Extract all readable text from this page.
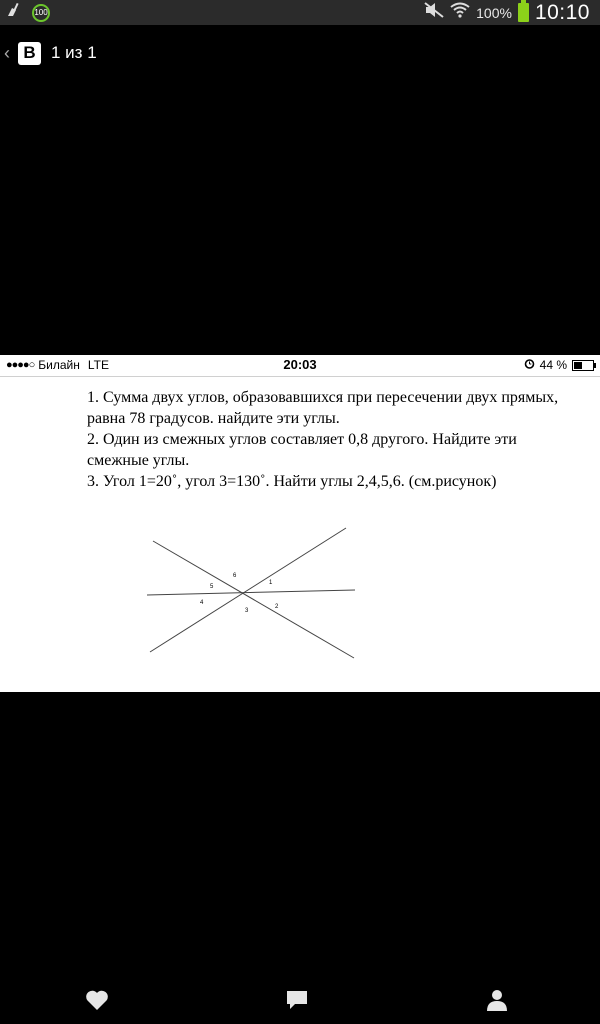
100	100% 10:10
‹ B 1 из 1
●●●●○ Билайн LTE	20:03	44 %

1. Сумма двух углов, образовавшихся при пересечении двух прямых, равна 78 градусов. найдите эти углы.

2. Один из смежных углов составляет 0,8 другого. Найдите эти смежные углы.

3. Угол 1=20˚, угол 3=130˚. Найти углы 2,4,5,6. (см.рисунок)

1
2
3
4
5
6
